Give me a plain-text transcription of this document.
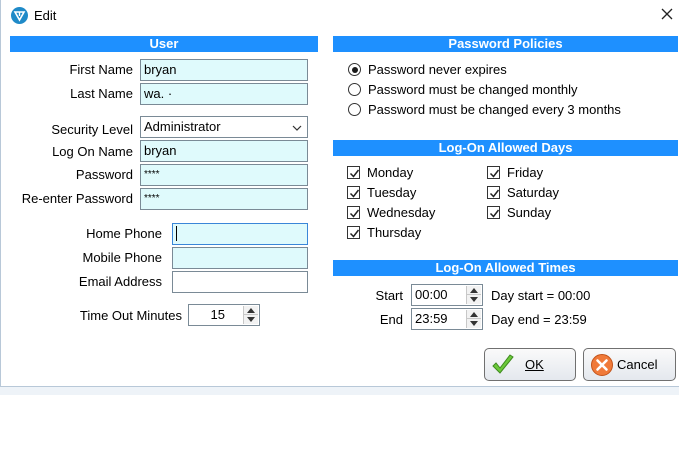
Edit
User
First Name bryan
Last Name wa. ·
Security Level Administrator
Log On Name bryan
Password	****
Re-enter Password	****
Home Phone
Mobile Phone
Email Address
Time Out Minutes	15
Password Policies
Password never expires
Password must be changed monthly
Password must be changed every 3 months
Log-On Allowed Days
Monday
Tuesday
Wednesday
Thursday
Friday
Saturday
Sunday
Log-On Allowed Times
Start 00:00	Day start = 00:00
End 23:59	Day end = 23:59
OK	Cancel
